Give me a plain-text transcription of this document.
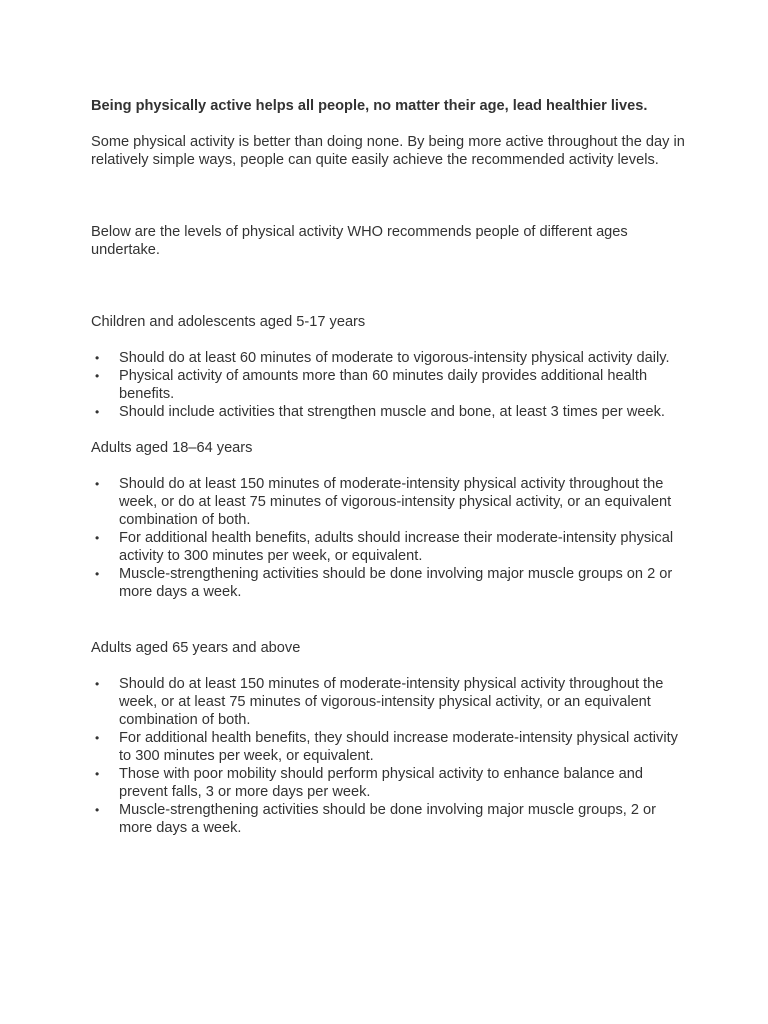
Being physically active helps all people, no matter their age, lead healthier lives.

Some physical activity is better than doing none. By being more active throughout the day in relatively simple ways, people can quite easily achieve the recommended activity levels.

Below are the levels of physical activity WHO recommends people of different ages undertake.

Children and adolescents aged 5-17 years

• Should do at least 60 minutes of moderate to vigorous-intensity physical activity daily.
• Physical activity of amounts more than 60 minutes daily provides additional health benefits.
• Should include activities that strengthen muscle and bone, at least 3 times per week.

Adults aged 18–64 years

• Should do at least 150 minutes of moderate-intensity physical activity throughout the week, or do at least 75 minutes of vigorous-intensity physical activity, or an equivalent combination of both.
• For additional health benefits, adults should increase their moderate-intensity physical activity to 300 minutes per week, or equivalent.
• Muscle-strengthening activities should be done involving major muscle groups on 2 or more days a week.

Adults aged 65 years and above

• Should do at least 150 minutes of moderate-intensity physical activity throughout the week, or at least 75 minutes of vigorous-intensity physical activity, or an equivalent combination of both.
• For additional health benefits, they should increase moderate-intensity physical activity to 300 minutes per week, or equivalent.
• Those with poor mobility should perform physical activity to enhance balance and prevent falls, 3 or more days per week.
• Muscle-strengthening activities should be done involving major muscle groups, 2 or more days a week.
